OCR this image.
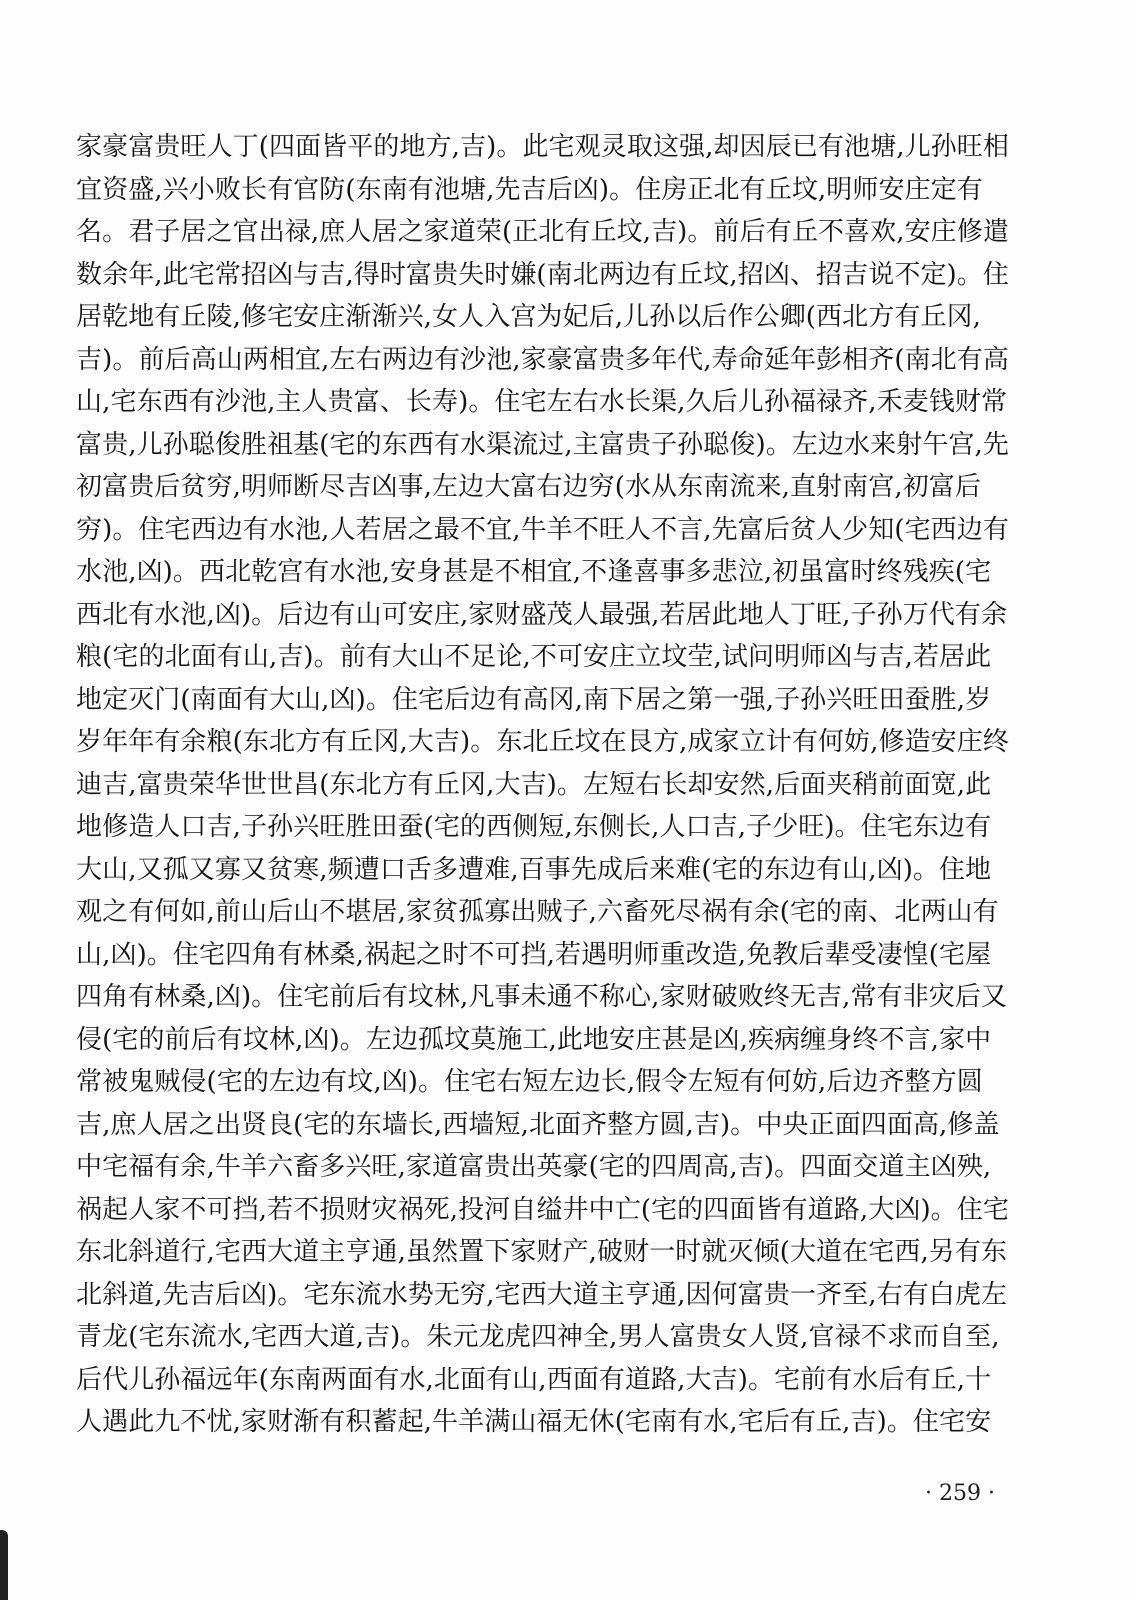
家豪富贵旺人丁(四面皆平的地方,吉)。此宅观灵取这强,却因辰已有池塘,儿孙旺相
宜资盛,兴小败长有官防(东南有池塘,先吉后凶)。住房正北有丘坟,明师安庄定有
名。君子居之官出禄,庶人居之家道荣(正北有丘坟,吉)。前后有丘不喜欢,安庄修遣
数余年,此宅常招凶与吉,得时富贵失时嫌(南北两边有丘坟,招凶、招吉说不定)。住
居乾地有丘陵,修宅安庄渐渐兴,女人入宫为妃后,儿孙以后作公卿(西北方有丘冈,
吉)。前后高山两相宜,左右两边有沙池,家豪富贵多年代,寿命延年彭相齐(南北有高
山,宅东西有沙池,主人贵富、长寿)。住宅左右水长渠,久后儿孙福禄齐,禾麦钱财常
富贵,儿孙聪俊胜祖基(宅的东西有水渠流过,主富贵子孙聪俊)。左边水来射午宫,先
初富贵后贫穷,明师断尽吉凶事,左边大富右边穷(水从东南流来,直射南宫,初富后
穷)。住宅西边有水池,人若居之最不宜,牛羊不旺人不言,先富后贫人少知(宅西边有
水池,凶)。西北乾宫有水池,安身甚是不相宜,不逢喜事多悲泣,初虽富时终残疾(宅
西北有水池,凶)。后边有山可安庄,家财盛茂人最强,若居此地人丁旺,子孙万代有余
粮(宅的北面有山,吉)。前有大山不足论,不可安庄立坟茔,试问明师凶与吉,若居此
地定灭门(南面有大山,凶)。住宅后边有高冈,南下居之第一强,子孙兴旺田蚕胜,岁
岁年年有余粮(东北方有丘冈,大吉)。东北丘坟在艮方,成家立计有何妨,修造安庄终
迪吉,富贵荣华世世昌(东北方有丘冈,大吉)。左短右长却安然,后面夹稍前面宽,此
地修造人口吉,子孙兴旺胜田蚕(宅的西侧短,东侧长,人口吉,子少旺)。住宅东边有
大山,又孤又寡又贫寒,频遭口舌多遭难,百事先成后来难(宅的东边有山,凶)。住地
观之有何如,前山后山不堪居,家贫孤寡出贼子,六畜死尽祸有余(宅的南、北两山有
山,凶)。住宅四角有林桑,祸起之时不可挡,若遇明师重改造,免教后辈受凄惶(宅屋
四角有林桑,凶)。住宅前后有坟林,凡事未通不称心,家财破败终无吉,常有非灾后又
侵(宅的前后有坟林,凶)。左边孤坟莫施工,此地安庄甚是凶,疾病缠身终不言,家中
常被鬼贼侵(宅的左边有坟,凶)。住宅右短左边长,假令左短有何妨,后边齐整方圆
吉,庶人居之出贤良(宅的东墙长,西墙短,北面齐整方圆,吉)。中央正面四面高,修盖
中宅福有余,牛羊六畜多兴旺,家道富贵出英豪(宅的四周高,吉)。四面交道主凶殃,
祸起人家不可挡,若不损财灾祸死,投河自缢井中亡(宅的四面皆有道路,大凶)。住宅
东北斜道行,宅西大道主亨通,虽然置下家财产,破财一时就灭倾(大道在宅西,另有东
北斜道,先吉后凶)。宅东流水势无穷,宅西大道主亨通,因何富贵一齐至,右有白虎左
青龙(宅东流水,宅西大道,吉)。朱元龙虎四神全,男人富贵女人贤,官禄不求而自至,
后代儿孙福远年(东南两面有水,北面有山,西面有道路,大吉)。宅前有水后有丘,十
人遇此九不忧,家财渐有积蓄起,牛羊满山福无休(宅南有水,宅后有丘,吉)。住宅安
· 259 ·
